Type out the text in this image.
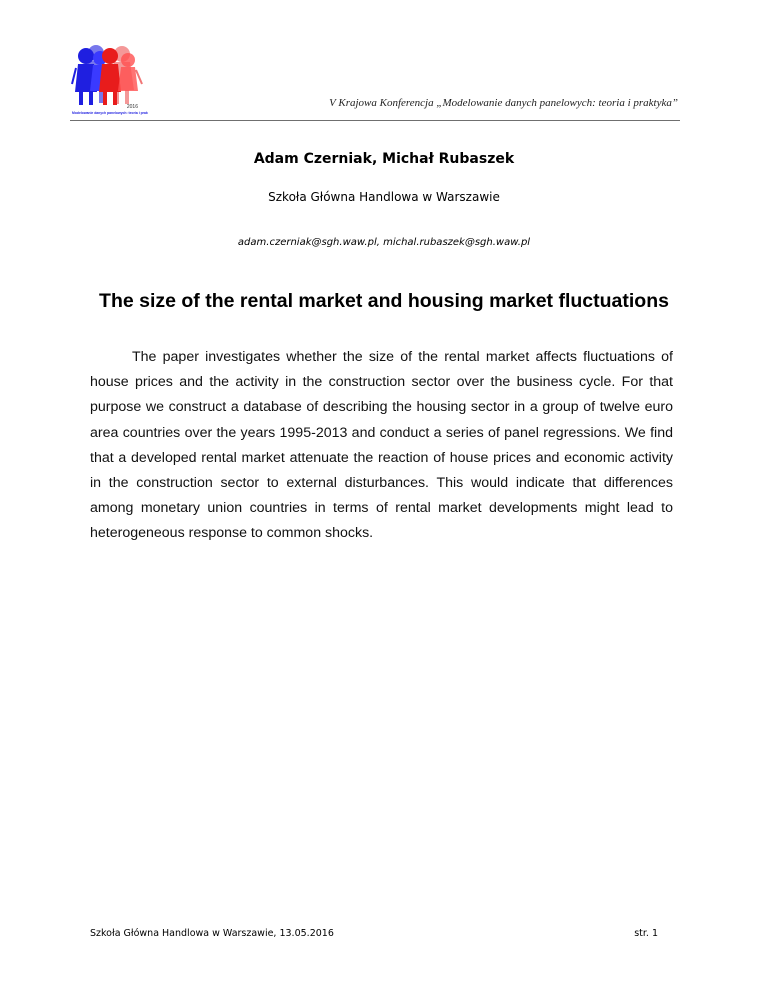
2016
Modelowanie danych panelowych: teoria i praktyka
V Krajowa Konferencja „Modelowanie danych panelowych: teoria i praktyka”
Adam Czerniak, Michał Rubaszek
Szkoła Główna Handlowa w Warszawie
adam.czerniak@sgh.waw.pl, michal.rubaszek@sgh.waw.pl
The size of the rental market and housing market fluctuations

The paper investigates whether the size of the rental market affects fluctuations of house prices and the activity in the construction sector over the business cycle. For that purpose we construct a database of describing the housing sector in a group of twelve euro area countries over the years 1995-2013 and conduct a series of panel regressions. We find that a developed rental market attenuate the reaction of house prices and economic activity in the construction sector to external disturbances. This would indicate that differences among monetary union countries in terms of rental market developments might lead to heterogeneous response to common shocks.

Szkoła Główna Handlowa w Warszawie, 13.05.2016	str. 1
